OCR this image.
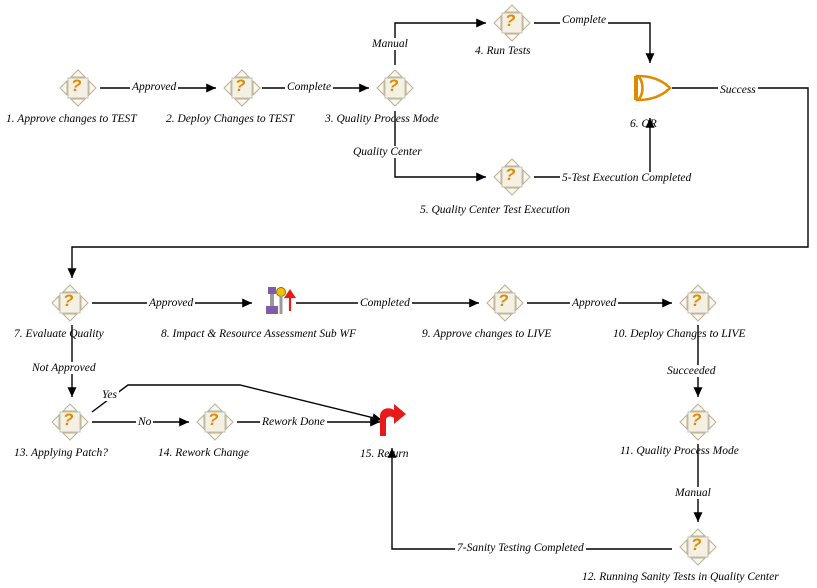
?
1. Approve changes to TEST
?
2. Deploy Changes to TEST
?
3. Quality Process Mode
?
4. Run Tests
?
5. Quality Center Test Execution
6. OR
?
7. Evaluate Quality	8. Impact & Resource Assessment Sub WF
?
9. Approve changes to LIVE
?
10. Deploy Changes to LIVE
?
11. Quality Process Mode
?
12. Running Sanity Tests in Quality Center
?
13. Applying Patch?
?
14. Rework Change	15. Return
Approved	Complete
Manual
Quality Center
Complete
5-Test Execution Completed
Success
Approved	Completed	Approved
Succeeded
Manual
Not Approved
Yes
No	Rework Done
7-Sanity Testing Completed
